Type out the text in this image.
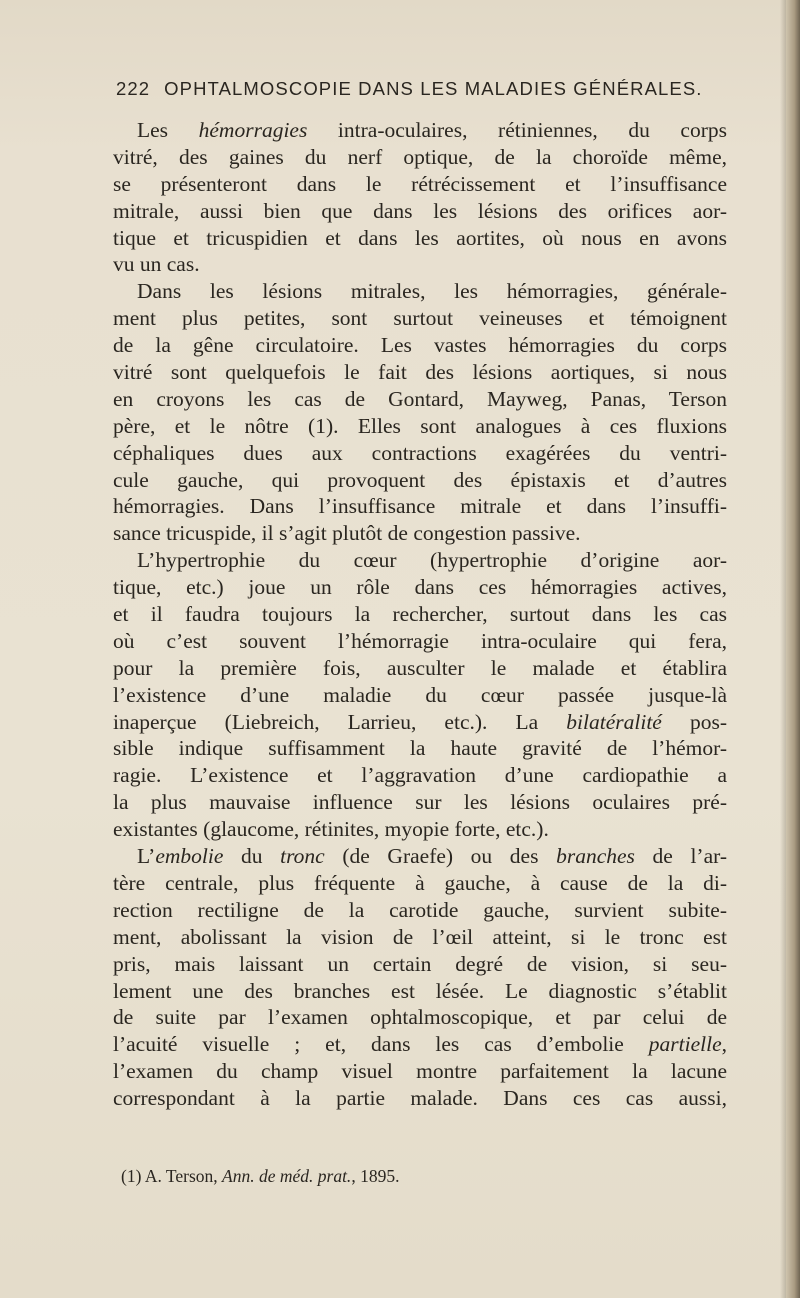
222 OPHTALMOSCOPIE DANS LES MALADIES GÉNÉRALES.
Les hémorragies intra-oculaires, rétiniennes, du corps
vitré, des gaines du nerf optique, de la choroïde même,
se présenteront dans le rétrécissement et l’insuffisance
mitrale, aussi bien que dans les lésions des orifices aor-
tique et tricuspidien et dans les aortites, où nous en avons
vu un cas.
Dans les lésions mitrales, les hémorragies, générale-
ment plus petites, sont surtout veineuses et témoignent
de la gêne circulatoire. Les vastes hémorragies du corps
vitré sont quelquefois le fait des lésions aortiques, si nous
en croyons les cas de Gontard, Mayweg, Panas, Terson
père, et le nôtre (1). Elles sont analogues à ces fluxions
céphaliques dues aux contractions exagérées du ventri-
cule gauche, qui provoquent des épistaxis et d’autres
hémorragies. Dans l’insuffisance mitrale et dans l’insuffi-
sance tricuspide, il s’agit plutôt de congestion passive.
L’hypertrophie du cœur (hypertrophie d’origine aor-
tique, etc.) joue un rôle dans ces hémorragies actives,
et il faudra toujours la rechercher, surtout dans les cas
où c’est souvent l’hémorragie intra-oculaire qui fera,
pour la première fois, ausculter le malade et établira
l’existence d’une maladie du cœur passée jusque-là
inaperçue (Liebreich, Larrieu, etc.). La bilatéralité pos-
sible indique suffisamment la haute gravité de l’hémor-
ragie. L’existence et l’aggravation d’une cardiopathie a
la plus mauvaise influence sur les lésions oculaires pré-
existantes (glaucome, rétinites, myopie forte, etc.).
L’embolie du tronc (de Graefe) ou des branches de l’ar-
tère centrale, plus fréquente à gauche, à cause de la di-
rection rectiligne de la carotide gauche, survient subite-
ment, abolissant la vision de l’œil atteint, si le tronc est
pris, mais laissant un certain degré de vision, si seu-
lement une des branches est lésée. Le diagnostic s’établit
de suite par l’examen ophtalmoscopique, et par celui de
l’acuité visuelle ; et, dans les cas d’embolie partielle,
l’examen du champ visuel montre parfaitement la lacune
correspondant à la partie malade. Dans ces cas aussi,
(1) A. Terson, Ann. de méd. prat., 1895.
